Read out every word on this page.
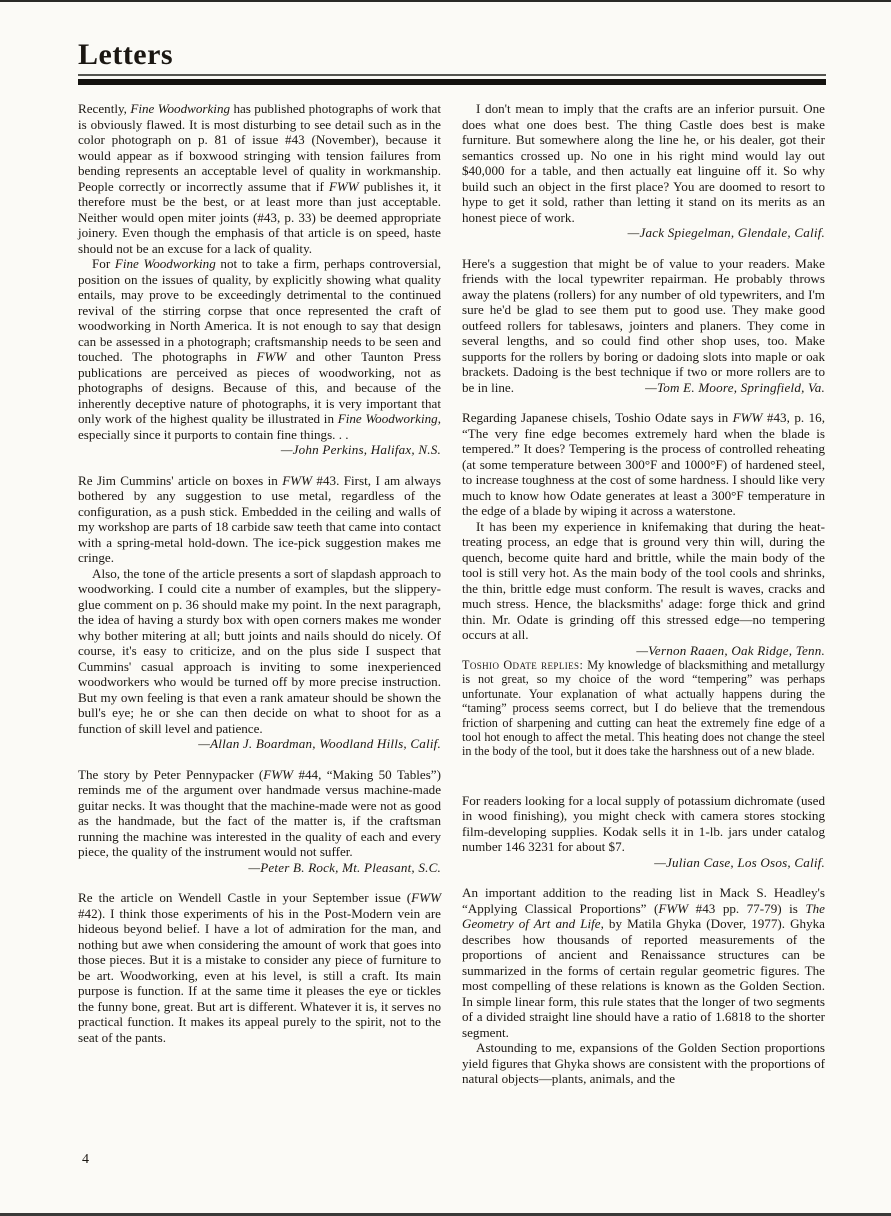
Letters

Recently, Fine Woodworking has published photographs of work that is obviously flawed. It is most disturbing to see detail such as in the color photograph on p. 81 of issue #43 (November), because it would appear as if boxwood stringing with tension failures from bending represents an acceptable level of quality in workmanship. People correctly or incorrectly assume that if FWW publishes it, it therefore must be the best, or at least more than just acceptable. Neither would open miter joints (#43, p. 33) be deemed appropriate joinery. Even though the emphasis of that article is on speed, haste should not be an excuse for a lack of quality.

For Fine Woodworking not to take a firm, perhaps controversial, position on the issues of quality, by explicitly showing what quality entails, may prove to be exceedingly detrimental to the continued revival of the stirring corpse that once represented the craft of woodworking in North America. It is not enough to say that design can be assessed in a photograph; craftsmanship needs to be seen and touched. The photographs in FWW and other Taunton Press publications are perceived as pieces of woodworking, not as photographs of designs. Because of this, and because of the inherently deceptive nature of photographs, it is very important that only work of the highest quality be illustrated in Fine Woodworking, especially since it purports to contain fine things. . .

—John Perkins, Halifax, N.S.

Re Jim Cummins' article on boxes in FWW #43. First, I am always bothered by any suggestion to use metal, regardless of the configuration, as a push stick. Embedded in the ceiling and walls of my workshop are parts of 18 carbide saw teeth that came into contact with a spring-metal hold-down. The ice-pick suggestion makes me cringe.

Also, the tone of the article presents a sort of slapdash approach to woodworking. I could cite a number of examples, but the slippery-glue comment on p. 36 should make my point. In the next paragraph, the idea of having a sturdy box with open corners makes me wonder why bother mitering at all; butt joints and nails should do nicely. Of course, it's easy to criticize, and on the plus side I suspect that Cummins' casual approach is inviting to some inexperienced woodworkers who would be turned off by more precise instruction. But my own feeling is that even a rank amateur should be shown the bull's eye; he or she can then decide on what to shoot for as a function of skill level and patience.

—Allan J. Boardman, Woodland Hills, Calif.

The story by Peter Pennypacker (FWW #44, “Making 50 Tables”) reminds me of the argument over handmade versus machine-made guitar necks. It was thought that the machine-made were not as good as the handmade, but the fact of the matter is, if the craftsman running the machine was interested in the quality of each and every piece, the quality of the instrument would not suffer.

—Peter B. Rock, Mt. Pleasant, S.C.

Re the article on Wendell Castle in your September issue (FWW #42). I think those experiments of his in the Post-Modern vein are hideous beyond belief. I have a lot of admiration for the man, and nothing but awe when considering the amount of work that goes into those pieces. But it is a mistake to consider any piece of furniture to be art. Woodworking, even at his level, is still a craft. Its main purpose is function. If at the same time it pleases the eye or tickles the funny bone, great. But art is different. Whatever it is, it serves no practical function. It makes its appeal purely to the spirit, not to the seat of the pants.

I don't mean to imply that the crafts are an inferior pursuit. One does what one does best. The thing Castle does best is make furniture. But somewhere along the line he, or his dealer, got their semantics crossed up. No one in his right mind would lay out $40,000 for a table, and then actually eat linguine off it. So why build such an object in the first place? You are doomed to resort to hype to get it sold, rather than letting it stand on its merits as an honest piece of work.

—Jack Spiegelman, Glendale, Calif.

Here's a suggestion that might be of value to your readers. Make friends with the local typewriter repairman. He probably throws away the platens (rollers) for any number of old typewriters, and I'm sure he'd be glad to see them put to good use. They make good outfeed rollers for tablesaws, jointers and planers. They come in several lengths, and so could find other shop uses, too. Make supports for the rollers by boring or dadoing slots into maple or oak brackets. Dadoing is the best technique if two or more rollers are to be in line.	—Tom E. Moore, Springfield, Va.

Regarding Japanese chisels, Toshio Odate says in FWW #43, p. 16, “The very fine edge becomes extremely hard when the blade is tempered.” It does? Tempering is the process of controlled reheating (at some temperature between 300°F and 1000°F) of hardened steel, to increase toughness at the cost of some hardness. I should like very much to know how Odate generates at least a 300°F temperature in the edge of a blade by wiping it across a waterstone.

It has been my experience in knifemaking that during the heat-treating process, an edge that is ground very thin will, during the quench, become quite hard and brittle, while the main body of the tool is still very hot. As the main body of the tool cools and shrinks, the thin, brittle edge must conform. The result is waves, cracks and much stress. Hence, the blacksmiths' adage: forge thick and grind thin. Mr. Odate is grinding off this stressed edge—no tempering occurs at all.

—Vernon Raaen, Oak Ridge, Tenn.

Toshio Odate replies: My knowledge of blacksmithing and metallurgy is not great, so my choice of the word “tempering” was perhaps unfortunate. Your explanation of what actually happens during the “taming” process seems correct, but I do believe that the tremendous friction of sharpening and cutting can heat the extremely fine edge of a tool hot enough to affect the metal. This heating does not change the steel in the body of the tool, but it does take the harshness out of a new blade.

For readers looking for a local supply of potassium dichromate (used in wood finishing), you might check with camera stores stocking film-developing supplies. Kodak sells it in 1-lb. jars under catalog number 146 3231 for about $7.

—Julian Case, Los Osos, Calif.

An important addition to the reading list in Mack S. Headley's “Applying Classical Proportions” (FWW #43 pp. 77-79) is The Geometry of Art and Life, by Matila Ghyka (Dover, 1977). Ghyka describes how thousands of reported measurements of the proportions of ancient and Renaissance structures can be summarized in the forms of certain regular geometric figures. The most compelling of these relations is known as the Golden Section. In simple linear form, this rule states that the longer of two segments of a divided straight line should have a ratio of 1.6818 to the shorter segment.

Astounding to me, expansions of the Golden Section proportions yield figures that Ghyka shows are consistent with the proportions of natural objects—plants, animals, and the

4
